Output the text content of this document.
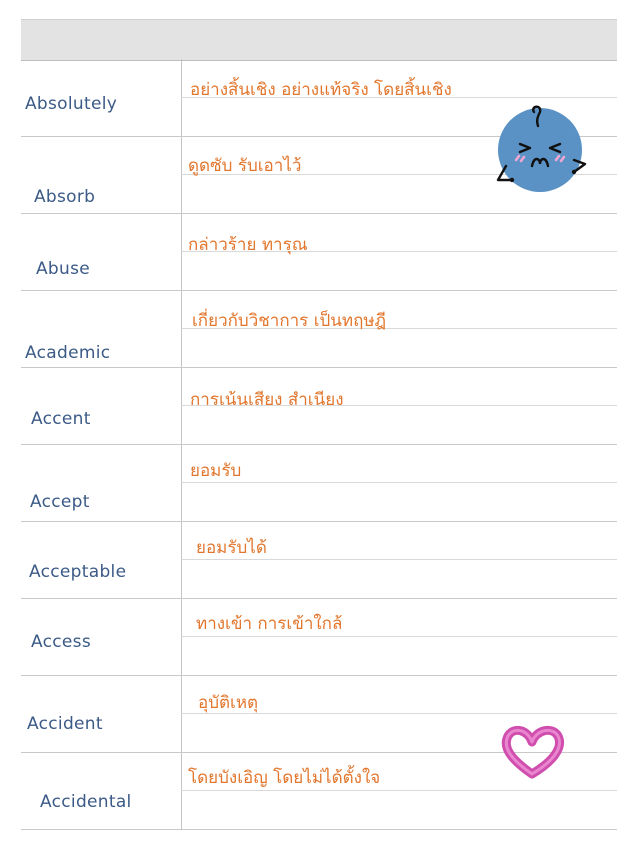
Absolutely
Absorb
Abuse
Academic
Accent
Accept
Acceptable
Access
Accident
Accidental
อย่างสิ้นเชิง อย่างแท้จริง โดยสิ้นเชิง
ดูดซับ รับเอาไว้
กล่าวร้าย ทารุณ
เกี่ยวกับวิชาการ เป็นทฤษฎี
การเน้นเสียง สำเนียง
ยอมรับ
ยอมรับได้
ทางเข้า การเข้าใกล้
อุบัติเหตุ
โดยบังเอิญ โดยไม่ได้ตั้งใจ
